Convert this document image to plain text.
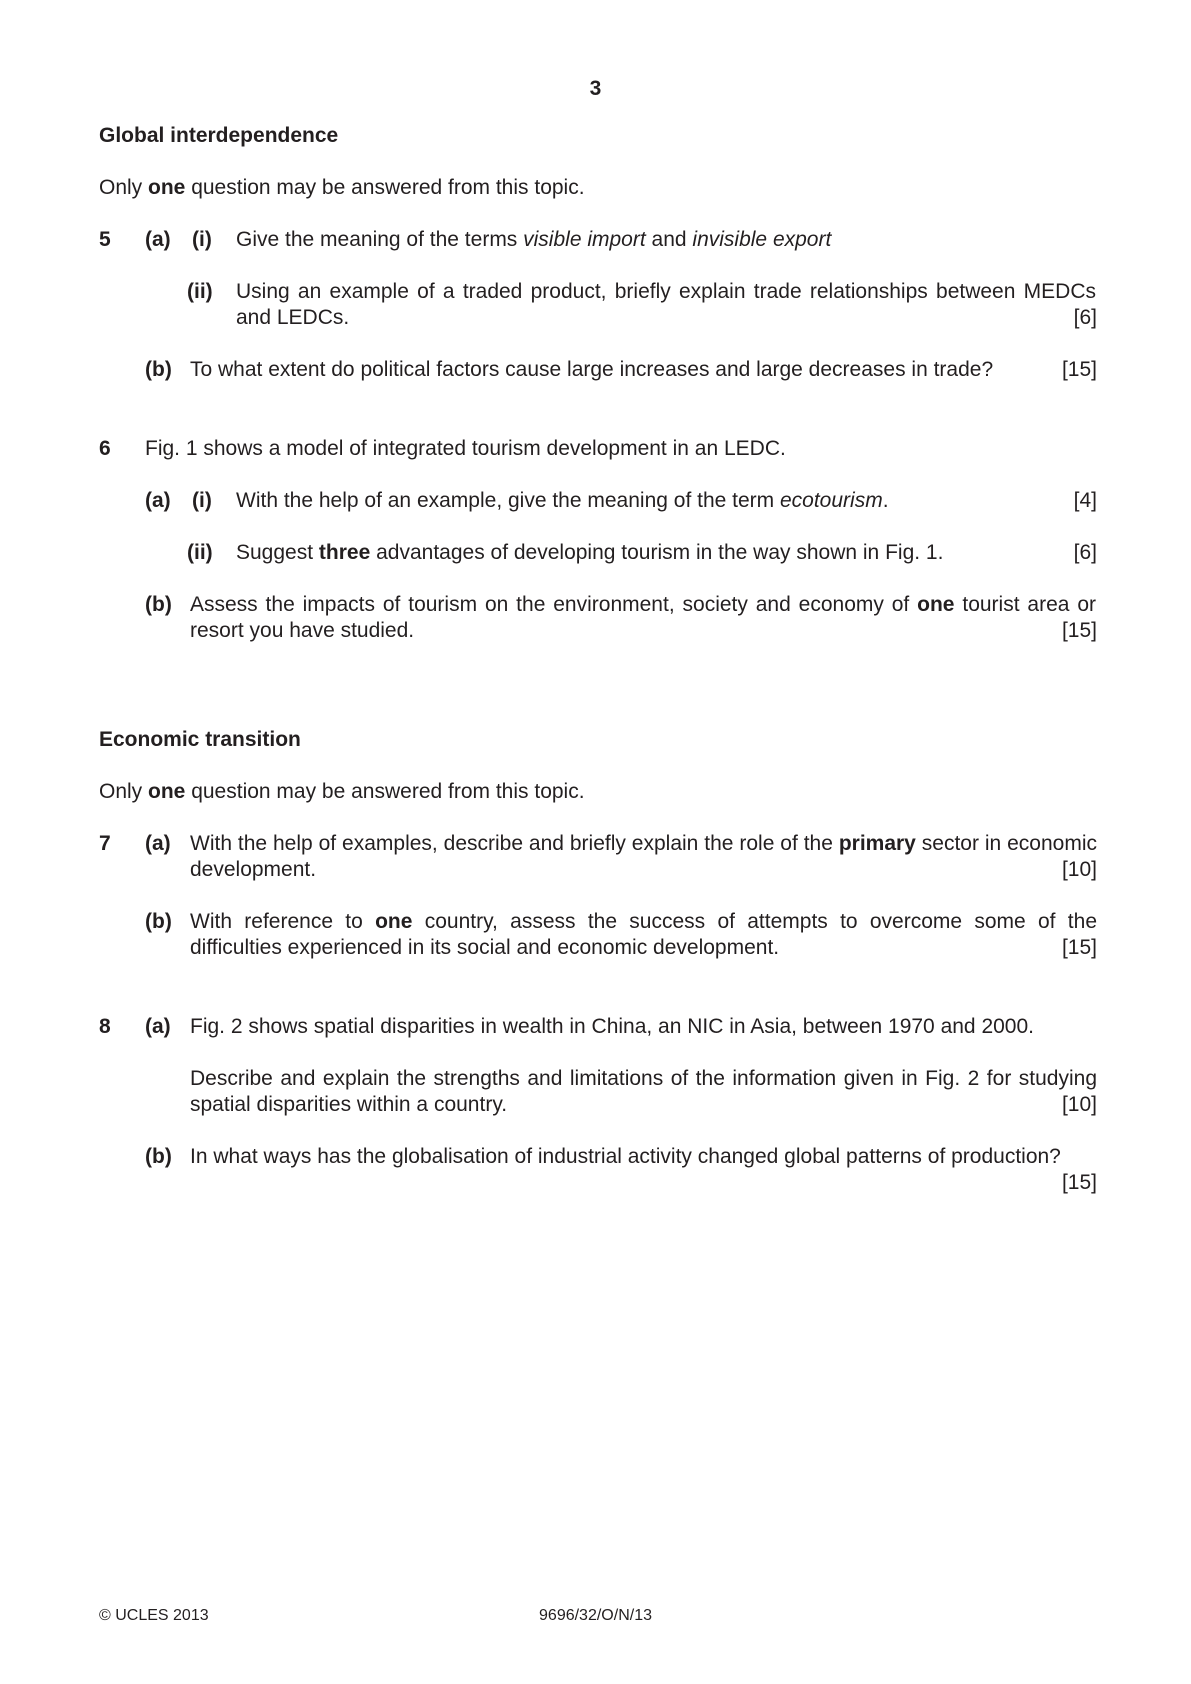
3
Global interdependence
Only one question may be answered from this topic.
5 (a) (i) Give the meaning of the terms visible import and invisible export
(ii) Using an example of a traded product, briefly explain trade relationships between MEDCs and LEDCs.	[6]
(b) To what extent do political factors cause large increases and large decreases in trade?	[15]
6 Fig. 1 shows a model of integrated tourism development in an LEDC.
(a) (i) With the help of an example, give the meaning of the term ecotourism.	[4]
(ii) Suggest three advantages of developing tourism in the way shown in Fig. 1.	[6]
(b) Assess the impacts of tourism on the environment, society and economy of one tourist area or resort you have studied.	[15]
Economic transition
Only one question may be answered from this topic.
7 (a) With the help of examples, describe and briefly explain the role of the primary sector in economic development.	[10]
(b) With reference to one country, assess the success of attempts to overcome some of the difficulties experienced in its social and economic development.	[15]
8 (a) Fig. 2 shows spatial disparities in wealth in China, an NIC in Asia, between 1970 and 2000.
Describe and explain the strengths and limitations of the information given in Fig. 2 for studying spatial disparities within a country.	[10]
(b) In what ways has the globalisation of industrial activity changed global patterns of production?
[15]
© UCLES 2013	9696/32/O/N/13
